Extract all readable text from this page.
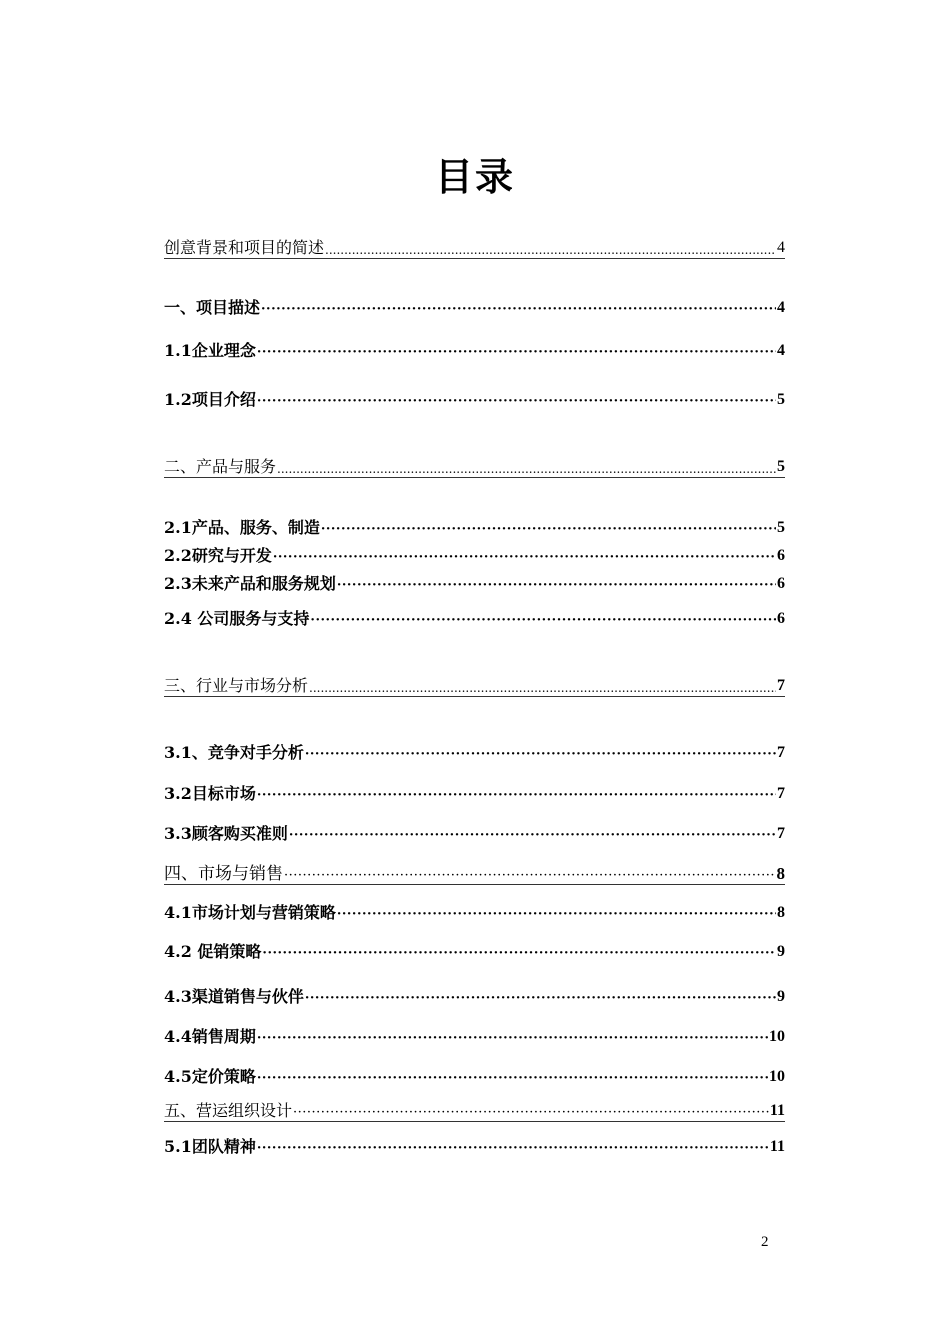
目录
创意背景和项目的简述 .....	4
一、项目描述 ·····	4
1.1企业理念 ·····	4
1.2项目介绍 ·····	5
二、产品与服务 .....	5
2.1产品、服务、制造 ·····	5
2.2研究与开发 ·····	6
2.3未来产品和服务规划 ·····	6
2.4 公司服务与支持 ·····	6
三、行业与市场分析 .....	7
3.1、竞争对手分析 ·····	7
3.2目标市场 ·····	7
3.3顾客购买准则 ·····	7
四、市场与销售 ·····	8
4.1市场计划与营销策略 ·····	8
4.2 促销策略 ·····	9
4.3渠道销售与伙伴 ·····	9
4.4销售周期 ·····	10
4.5定价策略 ·····	10
五、营运组织设计 ·····	11
5.1团队精神 ·····	11
2
